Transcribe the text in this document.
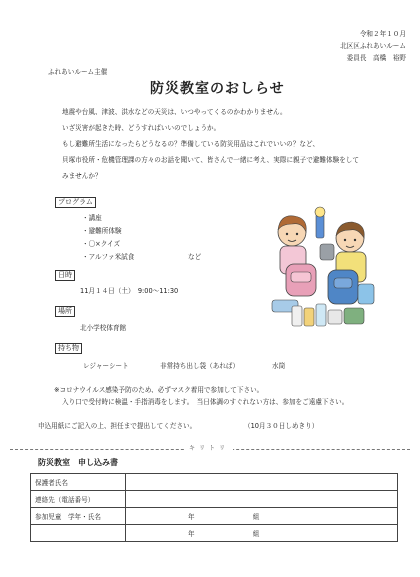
令和２年１０月
北区区ふれあいルーム
委員長　高橋　裕野
ふれあいルーム主催
防災教室のおしらせ
地震や台風、津波、洪水などの天災は、いつやってくるのかわかりません。
いざ災害が起きた時、どうすればいいのでしょうか。
もし避難所生活になったらどうなるの？準備している防災用品はこれでいいの？など、
貝塚市役所・危機管理課の方々のお話を聞いて、皆さんで一緒に考え、実際に親子で避難体験をして
みませんか？
プログラム
・講座
・避難所体験
・〇×クイズ
・アルファ米試食	など
日時
11月１４日（土）　9:00～11:30
場所
北小学校体育館
持ち物
レジャーシート	非常持ち出し袋（あれば）	水筒
※コロナウイルス感染予防のため、必ずマスク着用で参加して下さい。
入り口で受付時に検温・手指消毒をします。　当日体調のすぐれない方は、参加をご遠慮下さい。
申込用紙にご記入の上、担任まで提出してください。	（10月３０日しめきり）
キリトリ
防災教室　申し込み書
保護者氏名	
連絡先（電話番号）	
参加児童　学年・氏名	年 組
	年 組
